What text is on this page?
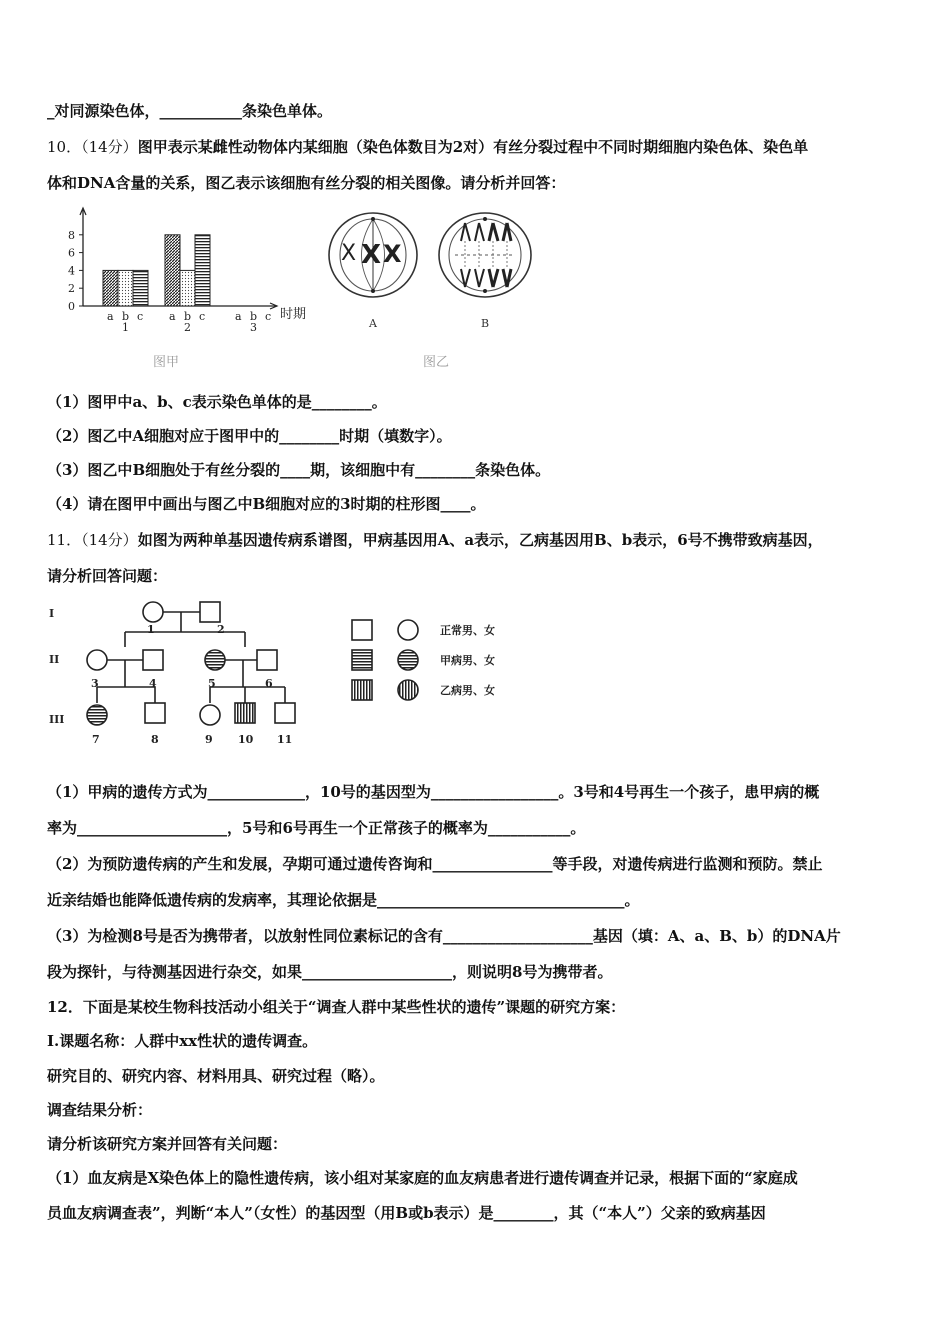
_对同源染色体，___________条染色单体。
10．（14分）图甲表示某雌性动物体内某细胞（染色体数目为2对）有丝分裂过程中不同时期细胞内染色体、染色单
体和DNA含量的关系，图乙表示该细胞有丝分裂的相关图像。请分析并回答：
0
2
4
6
8
a b c
1
a b c
2
a b c
3
时期
图甲
X X X
A	B
图乙
（1）图甲中a、b、c表示染色单体的是________。
（2）图乙中A细胞对应于图甲中的________时期（填数字）。
（3）图乙中B细胞处于有丝分裂的____期，该细胞中有________条染色体。
（4）请在图甲中画出与图乙中B细胞对应的3时期的柱形图____。
11．（14分）如图为两种单基因遗传病系谱图，甲病基因用A、a表示，乙病基因用B、b表示，6号不携带致病基因，
请分析回答问题：
I
II
III
1	2
3	4	5	6
7	8	9 10 11
正常男、女
甲病男、女
乙病男、女
（1）甲病的遗传方式为_____________，10号的基因型为_________________。3号和4号再生一个孩子，患甲病的概
率为____________________，5号和6号再生一个正常孩子的概率为___________。
（2）为预防遗传病的产生和发展，孕期可通过遗传咨询和________________等手段，对遗传病进行监测和预防。禁止
近亲结婚也能降低遗传病的发病率，其理论依据是_________________________________。
（3）为检测8号是否为携带者，以放射性同位素标记的含有____________________基因（填：A、a、B、b）的DNA片
段为探针，与待测基因进行杂交，如果____________________，则说明8号为携带者。
12．下面是某校生物科技活动小组关于“调查人群中某些性状的遗传”课题的研究方案：
I.课题名称：人群中xx性状的遗传调查。
研究目的、研究内容、材料用具、研究过程（略）。
调查结果分析：
请分析该研究方案并回答有关问题：
（1）血友病是X染色体上的隐性遗传病，该小组对某家庭的血友病患者进行遗传调查并记录，根据下面的“家庭成
员血友病调查表”，判断“本人”（女性）的基因型（用B或b表示）是________，其（“本人”）父亲的致病基因
